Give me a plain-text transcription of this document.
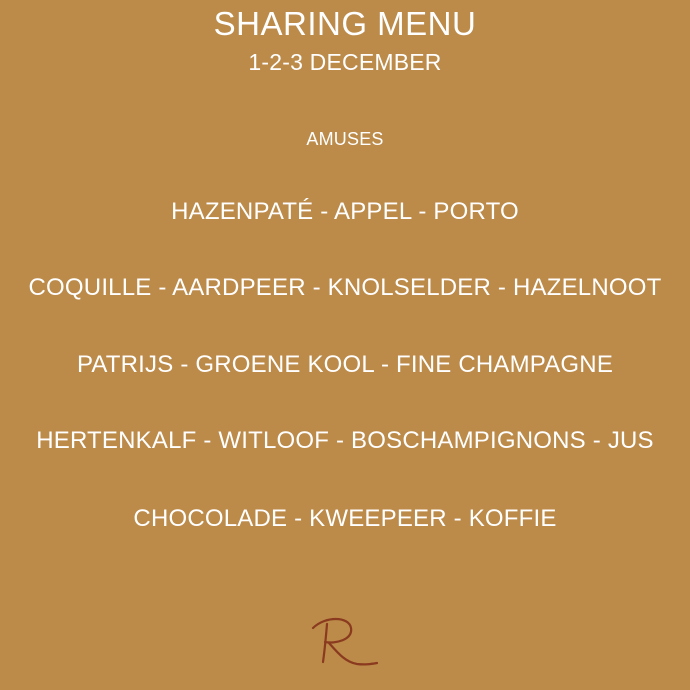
SHARING MENU
1-2-3 DECEMBER
AMUSES
HAZENPATÉ - APPEL - PORTO
COQUILLE - AARDPEER - KNOLSELDER - HAZELNOOT
PATRIJS - GROENE KOOL - FINE CHAMPAGNE
HERTENKALF - WITLOOF - BOSCHAMPIGNONS - JUS
CHOCOLADE - KWEEPEER - KOFFIE
